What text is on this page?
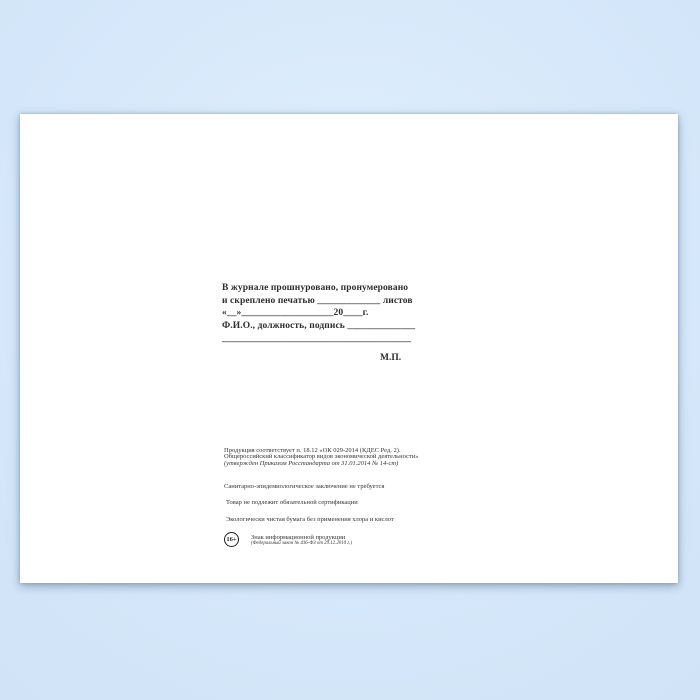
В журнале прошнуровано, пронумеровано
и скреплено печатью _____________ листов
«__»___________________20____г.
Ф.И.О., должность, подпись ______________
_______________________________________
М.П.
Продукция соответствует п. 18.12 «ОК 029-2014 (КДЕС Ред. 2).
Общероссийский классификатор видов экономической деятельности»
(утвержден Приказом Росстандарта от 31.01.2014 № 14-ст)
Санитарно-эпидемиологическое заключение не требуется
Товар не подлежит обязательной сертификации
Экологически чистая бумага без применения хлора и кислот
16+	Знак информационной продукции
(Федеральный закон № 436-ФЗ от 29.12.2010 г.)
